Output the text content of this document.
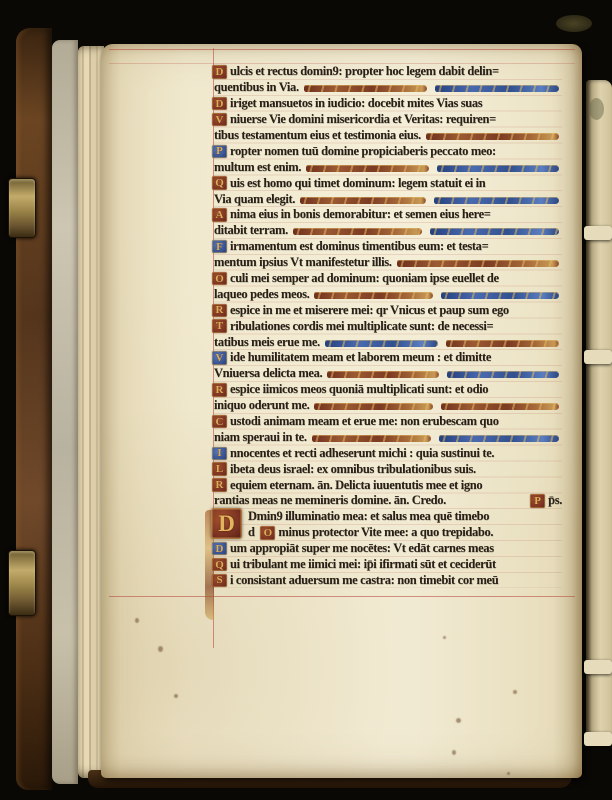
D
D ulcis et rectus domin9: propter hoc legem dabit delin=
quentibus in Via.
D iriget mansuetos in iudicio: docebit mites Vias suas
V niuerse Vie domini misericordia et Veritas: requiren=
tibus testamentum eius et testimonia eius.
P ropter nomen tuū domine propiciaberis peccato meo:
multum est enim.
Q uis est homo qui timet dominum: legem statuit ei in
Via quam elegit.
A nima eius in bonis demorabitur: et semen eius here=
ditabit terram.
F irmamentum est dominus timentibus eum: et testa=
mentum ipsius Vt manifestetur illis.
O culi mei semper ad dominum: quoniam ipse euellet de
laqueo pedes meos.
R espice in me et miserere mei: qr Vnicus et paup sum ego
T ribulationes cordis mei multiplicate sunt: de necessi=
tatibus meis erue me.
V ide humilitatem meam et laborem meum : et dimitte
Vniuersa delicta mea.
R espice iimicos meos quoniā multiplicati sunt: et odio
iniquo oderunt me.
C ustodi animam meam et erue me: non erubescam quo
niam speraui in te.
I nnocentes et recti adheserunt michi : quia sustinui te.
L ibeta deus israel: ex omnibus tribulationibus suis.
R equiem eternam. ān. Delicta iuuentutis mee et igno
rantias meas ne memineris domine. ān. Credo.	P p̄s.
Dmin9 illuminatio mea: et salus mea quē timebo
d O minus protector Vite mee: a quo trepidabo.
D um appropiāt super me nocētes: Vt edāt carnes meas
Q ui tribulant me iimici mei: ip̄i ifirmati sūt et ceciderūt
S i consistant aduersum me castra: non timebit cor meū
